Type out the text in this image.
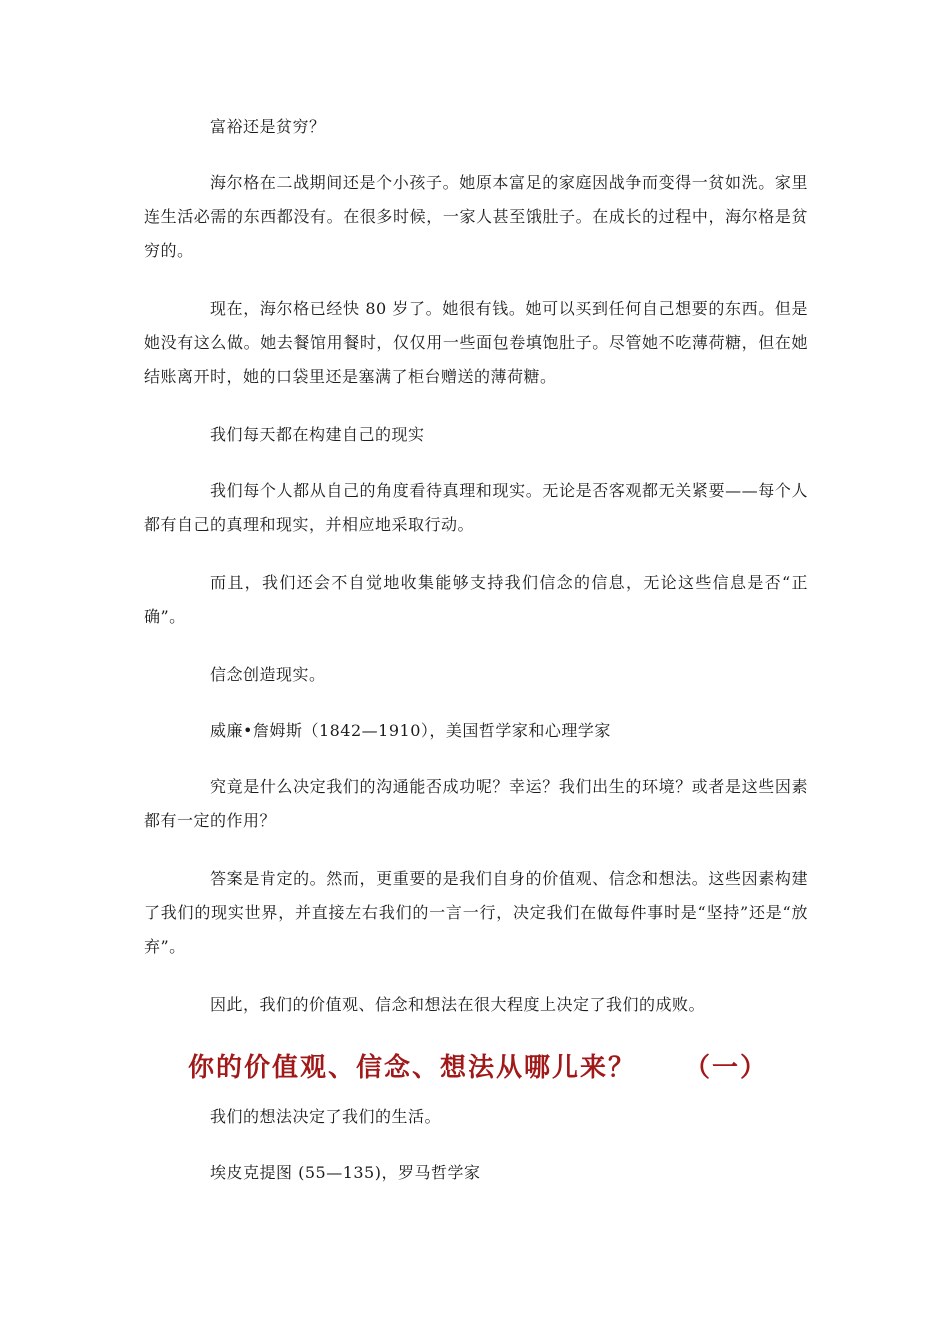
富裕还是贫穷？

海尔格在二战期间还是个小孩子。她原本富足的家庭因战争而变得一贫如洗。家里连生活必需的东西都没有。在很多时候，一家人甚至饿肚子。在成长的过程中，海尔格是贫穷的。

现在，海尔格已经快 80 岁了。她很有钱。她可以买到任何自己想要的东西。但是她没有这么做。她去餐馆用餐时，仅仅用一些面包卷填饱肚子。尽管她不吃薄荷糖，但在她结账离开时，她的口袋里还是塞满了柜台赠送的薄荷糖。

我们每天都在构建自己的现实

我们每个人都从自己的角度看待真理和现实。无论是否客观都无关紧要——每个人都有自己的真理和现实，并相应地采取行动。

而且，我们还会不自觉地收集能够支持我们信念的信息，无论这些信息是否“正确”。

信念创造现实。

威廉•詹姆斯（1842—1910），美国哲学家和心理学家

究竟是什么决定我们的沟通能否成功呢？幸运？我们出生的环境？或者是这些因素都有一定的作用？

答案是肯定的。然而，更重要的是我们自身的价值观、信念和想法。这些因素构建了我们的现实世界，并直接左右我们的一言一行，决定我们在做每件事时是“坚持”还是“放弃”。

因此，我们的价值观、信念和想法在很大程度上决定了我们的成败。

你的价值观、信念、想法从哪儿来？ （一）

我们的想法决定了我们的生活。

埃皮克提图 (55—135)，罗马哲学家
